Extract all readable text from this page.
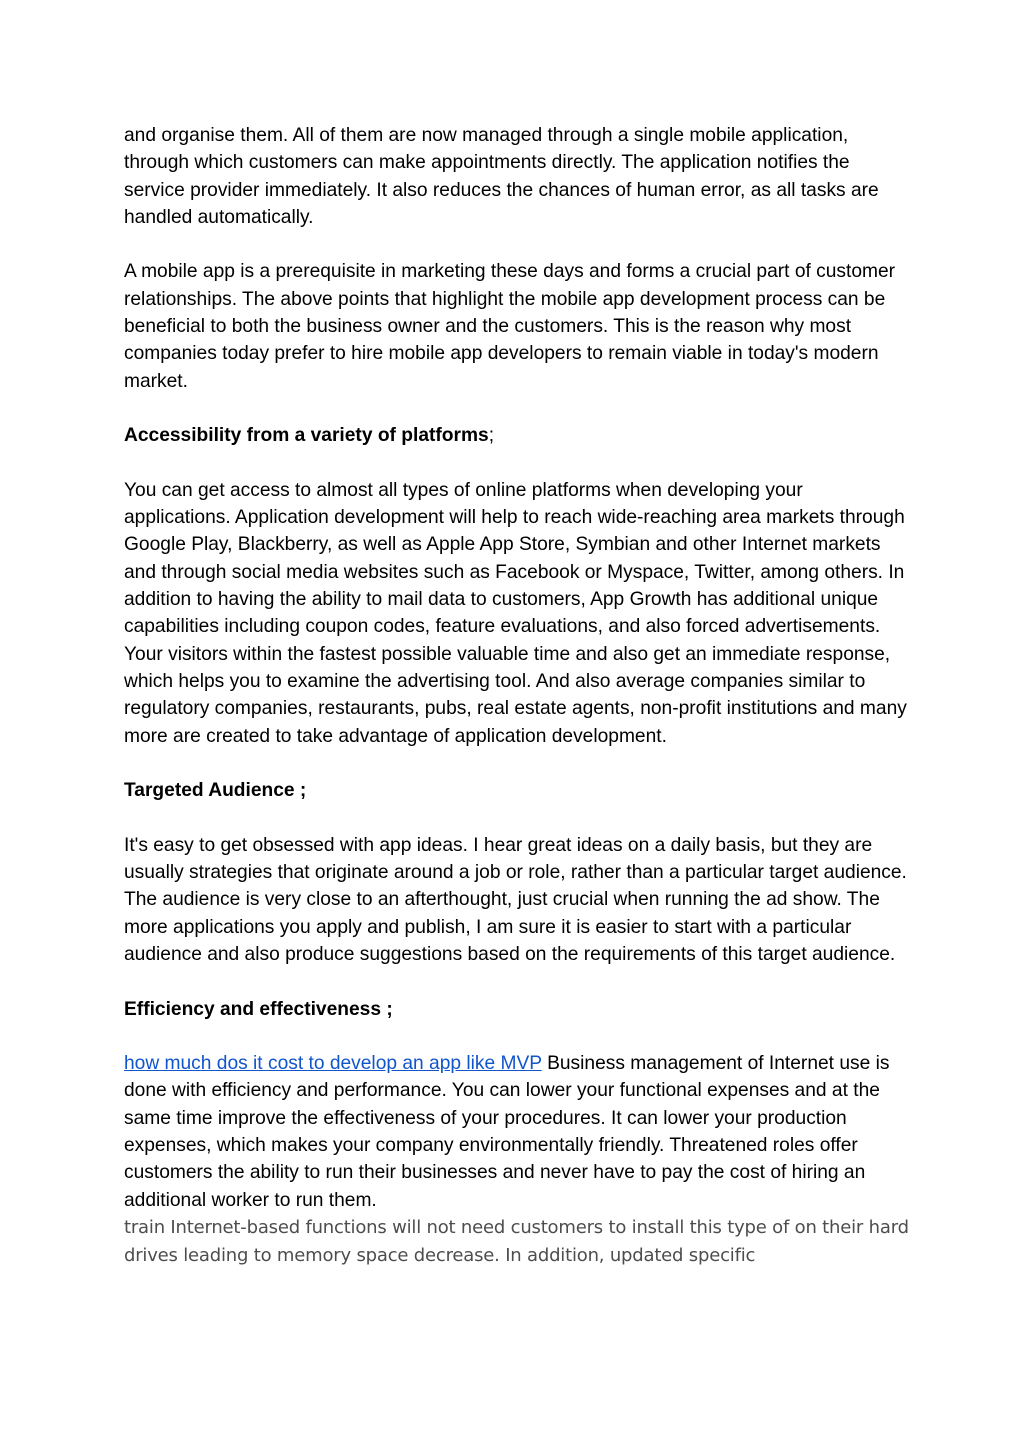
and organise them. All of them are now managed through a single mobile application, through which customers can make appointments directly. The application notifies the service provider immediately. It also reduces the chances of human error, as all tasks are handled automatically.

A mobile app is a prerequisite in marketing these days and forms a crucial part of customer relationships. The above points that highlight the mobile app development process can be beneficial to both the business owner and the customers. This is the reason why most companies today prefer to hire mobile app developers to remain viable in today's modern market.

Accessibility from a variety of platforms;

You can get access to almost all types of online platforms when developing your applications. Application development will help to reach wide-reaching area markets through Google Play, Blackberry, as well as Apple App Store, Symbian and other Internet markets and through social media websites such as Facebook or Myspace, Twitter, among others. In addition to having the ability to mail data to customers, App Growth has additional unique capabilities including coupon codes, feature evaluations, and also forced advertisements. Your visitors within the fastest possible valuable time and also get an immediate response, which helps you to examine the advertising tool. And also average companies similar to regulatory companies, restaurants, pubs, real estate agents, non-profit institutions and many more are created to take advantage of application development.

Targeted Audience ;

It's easy to get obsessed with app ideas. I hear great ideas on a daily basis, but they are usually strategies that originate around a job or role, rather than a particular target audience. The audience is very close to an afterthought, just crucial when running the ad show. The more applications you apply and publish, I am sure it is easier to start with a particular audience and also produce suggestions based on the requirements of this target audience.

Efficiency and effectiveness ;

how much dos it cost to develop an app like MVP Business management of Internet use is done with efficiency and performance. You can lower your functional expenses and at the same time improve the effectiveness of your procedures. It can lower your production expenses, which makes your company environmentally friendly. Threatened roles offer customers the ability to run their businesses and never have to pay the cost of hiring an additional worker to run them.

train Internet-based functions will not need customers to install this type of on their hard drives leading to memory space decrease. In addition, updated specific
